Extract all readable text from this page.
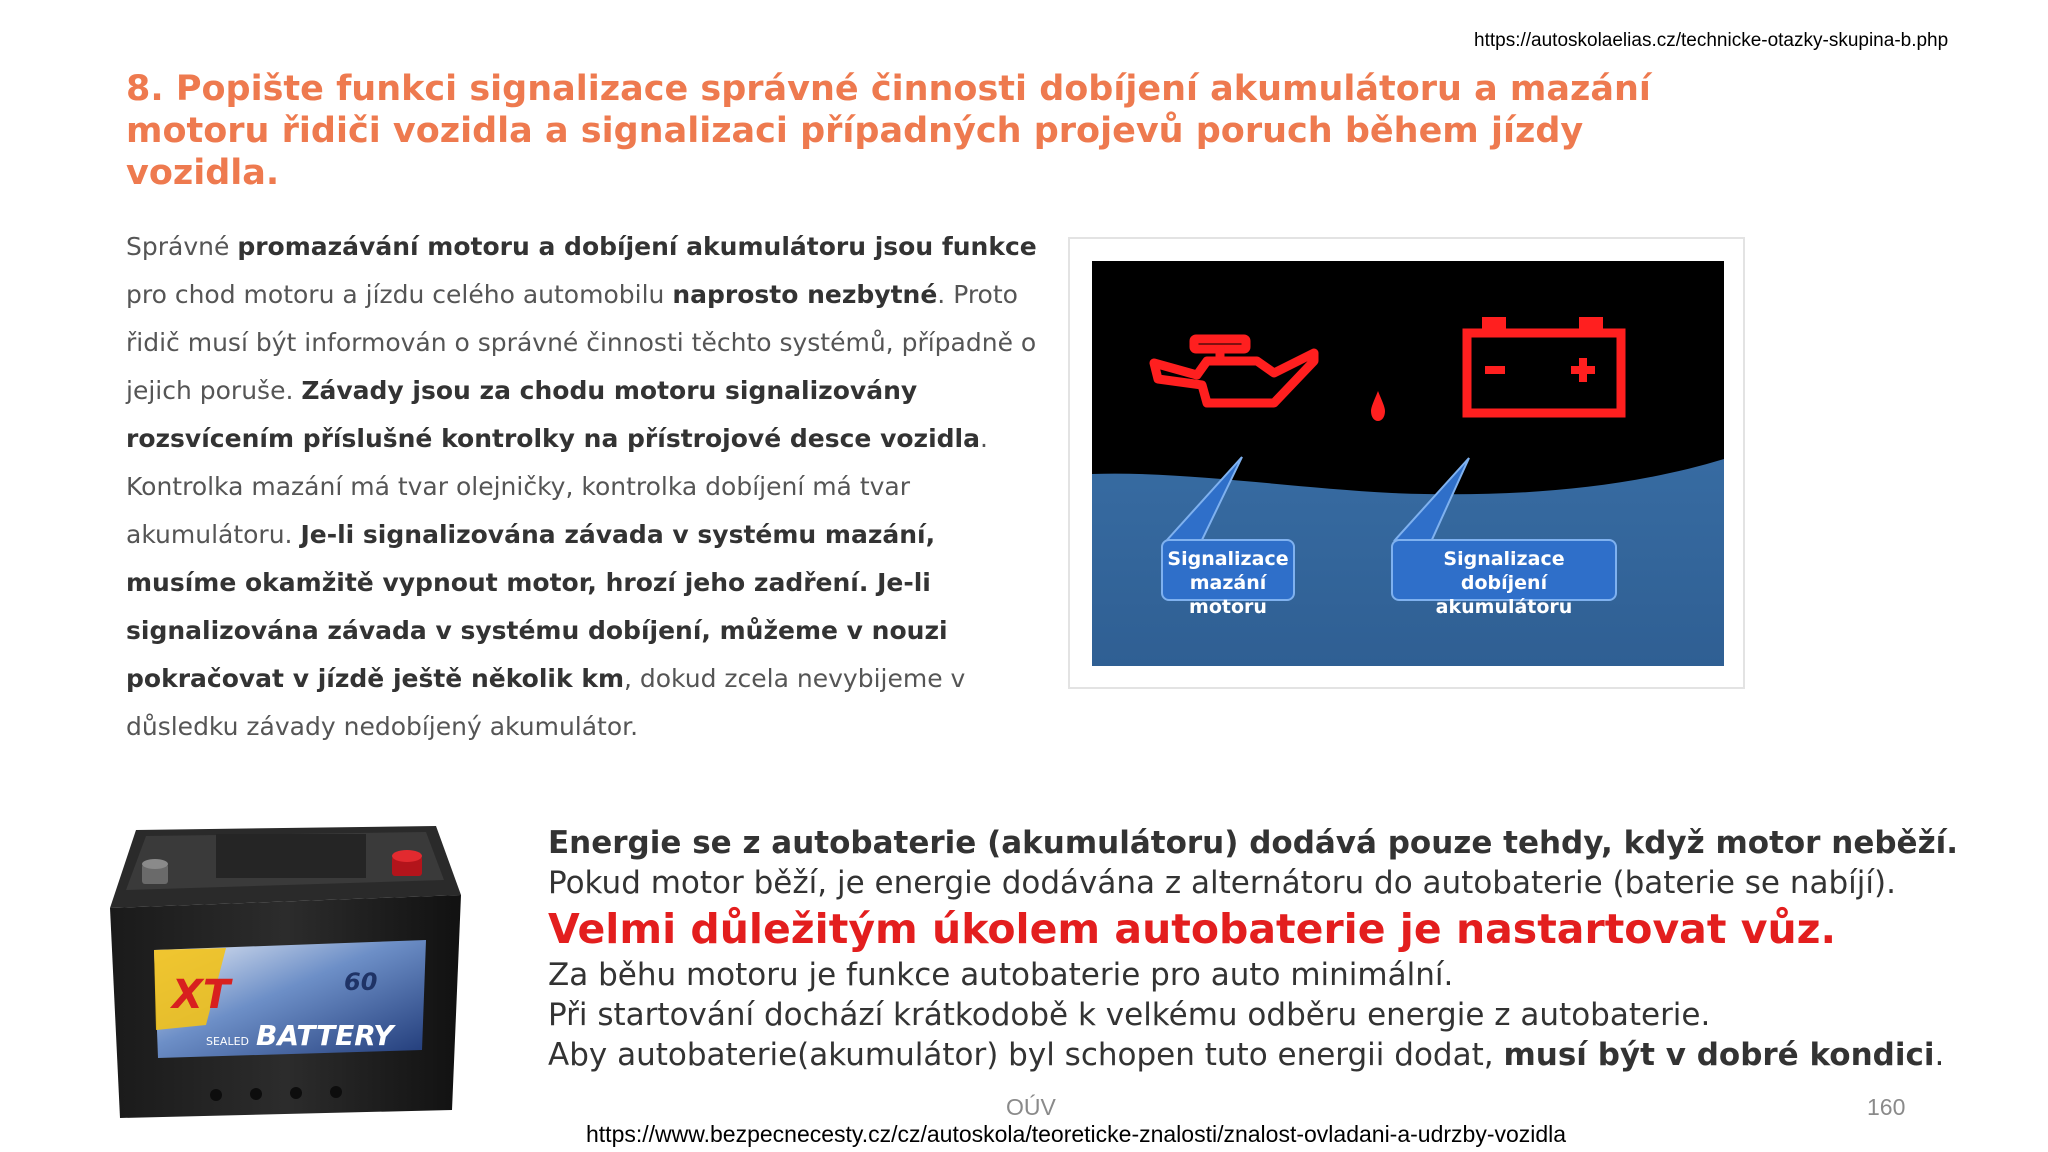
https://autoskolaelias.cz/technicke-otazky-skupina-b.php
8. Popište funkci signalizace správné činnosti dobíjení akumulátoru a mazání motoru řidiči vozidla a signalizaci případných projevů poruch během jízdy vozidla.
Správné promazávání motoru a dobíjení akumulátoru jsou funkce pro chod motoru a jízdu celého automobilu naprosto nezbytné. Proto řidič musí být informován o správné činnosti těchto systémů, případně o jejich poruše. Závady jsou za chodu motoru signalizovány rozsvícením příslušné kontrolky na přístrojové desce vozidla. Kontrolka mazání má tvar olejničky, kontrolka dobíjení má tvar akumulátoru. Je-li signalizována závada v systému mazání, musíme okamžitě vypnout motor, hrozí jeho zadření. Je-li signalizována závada v systému dobíjení, můžeme v nouzi pokračovat v jízdě ještě několik km, dokud zcela nevybijeme v důsledku závady nedobíjený akumulátor.
Signalizace
mazání motoru
Signalizace
dobíjení akumulátoru
XT	60
SEALED BATTERY
Energie se z autobaterie (akumulátoru) dodává pouze tehdy, když motor neběží.
Pokud motor běží, je energie dodávána z alternátoru do autobaterie (baterie se nabíjí).
Velmi důležitým úkolem autobaterie je nastartovat vůz.
Za běhu motoru je funkce autobaterie pro auto minimální.
Při startování dochází krátkodobě k velkému odběru energie z autobaterie.
Aby autobaterie(akumulátor) byl schopen tuto energii dodat, musí být v dobré kondici.
OÚV	160
https://www.bezpecnecesty.cz/cz/autoskola/teoreticke-znalosti/znalost-ovladani-a-udrzby-vozidla
